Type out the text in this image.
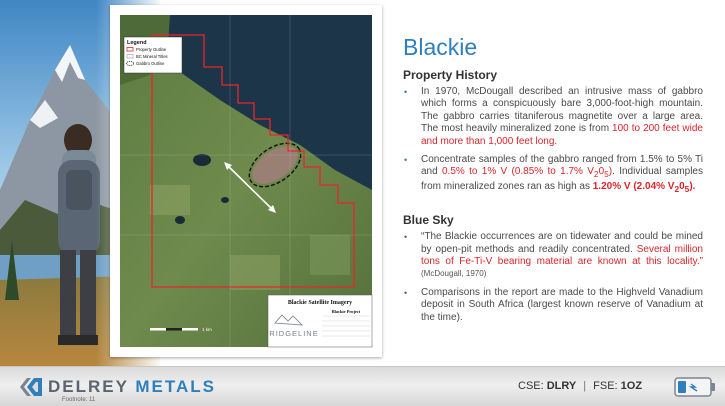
Legend
Property Outline
BC Mineral Titles
Gabbro Outline
1 km
Blackie Satellite Imagery
Blackie Project
RIDGELINE
Blackie
Property History
• In 1970, McDougall described an intrusive mass of gabbro which forms a conspicuously bare 3,000-foot-high mountain. The gabbro carries titaniferous magnetite over a large area. The most heavily mineralized zone is from 100 to 200 feet wide and more than 1,000 feet long.
• Concentrate samples of the gabbro ranged from 1.5% to 5% Ti and 0.5% to 1% V (0.85% to 1.7% $V_20_5$). Individual samples from mineralized zones ran as high as 1.20% V (2.04% $V_20_5$).
Blue Sky
• “The Blackie occurrences are on tidewater and could be mined by open-pit methods and readily concentrated. Several million tons of Fe-Ti-V bearing material are known at this locality.” (McDougall, 1970)
• Comparisons in the report are made to the Highveld Vanadium deposit in South Africa (largest known reserve of Vanadium at the time).
DELREY METALS
Footnote: 11
CSE: DLRY | FSE: 1OZ
